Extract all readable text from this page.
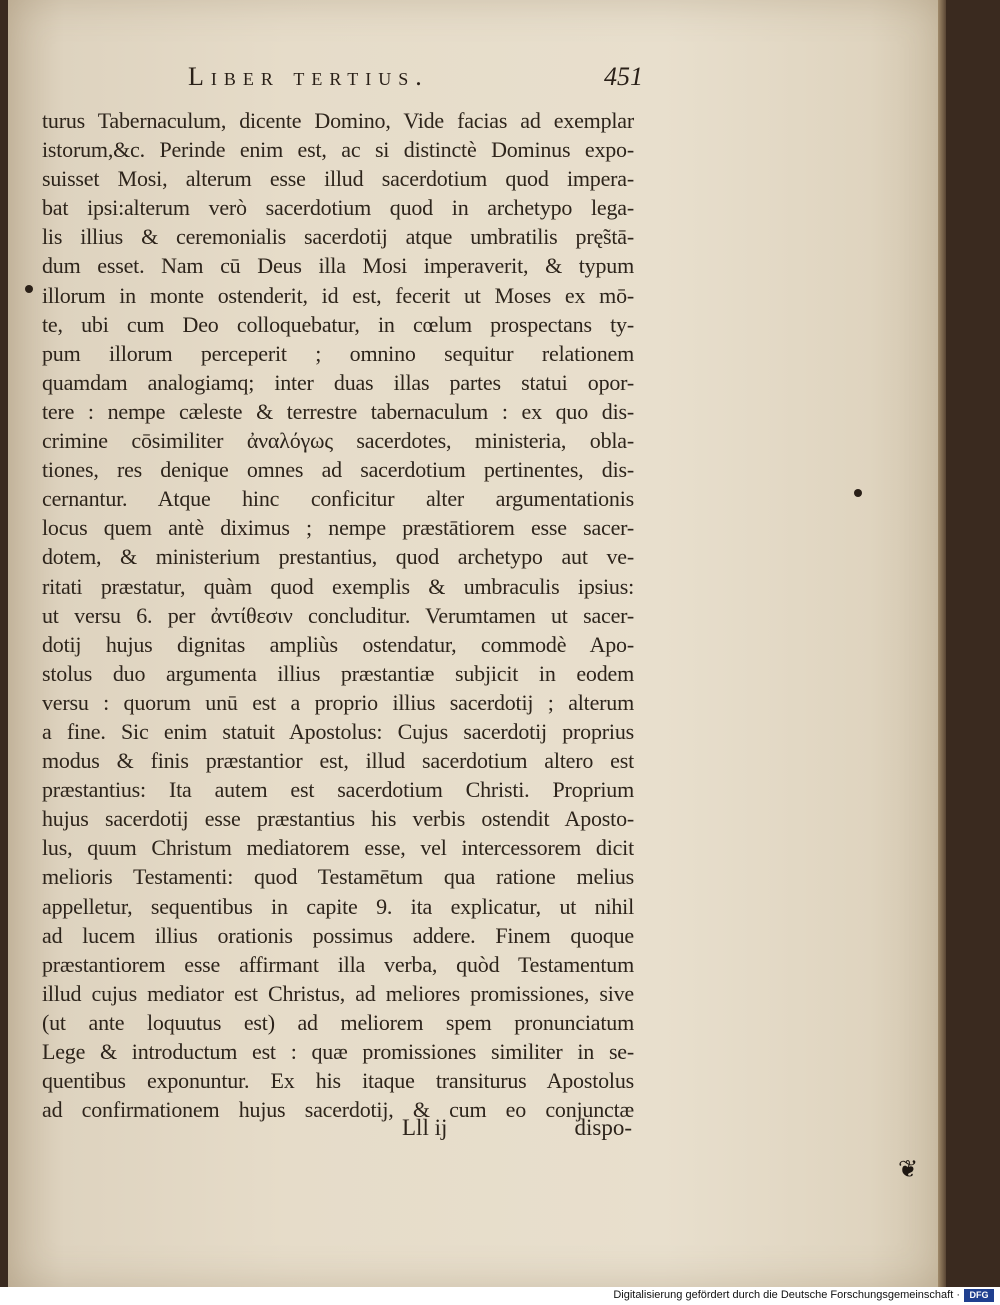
Liber tertius.	451
turus Tabernaculum, dicente Domino, Vide facias ad exemplar
istorum,&c. Perinde enim est, ac si distinctè Dominus expo-
suisset Mosi, alterum esse illud sacerdotium quod impera-
bat ipsi:alterum verò sacerdotium quod in archetypo lega-
lis illius & ceremonialis sacerdotij atque umbratilis prę̃stā-
dum esset. Nam cū Deus illa Mosi imperaverit, & typum
illorum in monte ostenderit, id est, fecerit ut Moses ex mō-
te, ubi cum Deo colloquebatur, in cœlum prospectans ty-
pum illorum perceperit ; omnino sequitur relationem
quamdam analogiamq; inter duas illas partes statui opor-
tere : nempe cæleste & terrestre tabernaculum : ex quo dis-
crimine cōsimiliter ἀναλόγως sacerdotes, ministeria, obla-
tiones, res denique omnes ad sacerdotium pertinentes, dis-
cernantur. Atque hinc conficitur alter argumentationis
locus quem antè diximus ; nempe præstātiorem esse sacer-
dotem, & ministerium prestantius, quod archetypo aut ve-
ritati præstatur, quàm quod exemplis & umbraculis ipsius:
ut versu 6. per ἀντίθεσιν concluditur. Verumtamen ut sacer-
dotij hujus dignitas ampliùs ostendatur, commodè Apo-
stolus duo argumenta illius præstantiæ subjicit in eodem
versu : quorum unū est a proprio illius sacerdotij ; alterum
a fine. Sic enim statuit Apostolus: Cujus sacerdotij proprius
modus & finis præstantior est, illud sacerdotium altero est
præstantius: Ita autem est sacerdotium Christi. Proprium
hujus sacerdotij esse præstantius his verbis ostendit Aposto-
lus, quum Christum mediatorem esse, vel intercessorem dicit
melioris Testamenti: quod Testamētum qua ratione melius
appelletur, sequentibus in capite 9. ita explicatur, ut nihil
ad lucem illius orationis possimus addere. Finem quoque
præstantiorem esse affirmant illa verba, quòd Testamentum
illud cujus mediator est Christus, ad meliores promissiones, sive
(ut ante loquutus est) ad meliorem spem pronunciatum
Lege & introductum est : quæ promissiones similiter in se-
quentibus exponuntur. Ex his itaque transiturus Apostolus
ad confirmationem hujus sacerdotij, & cum eo conjunctæ
Lll ij	dispo-
❦
Digitalisierung gefördert durch die Deutsche Forschungsgemeinschaft ·	DFG
